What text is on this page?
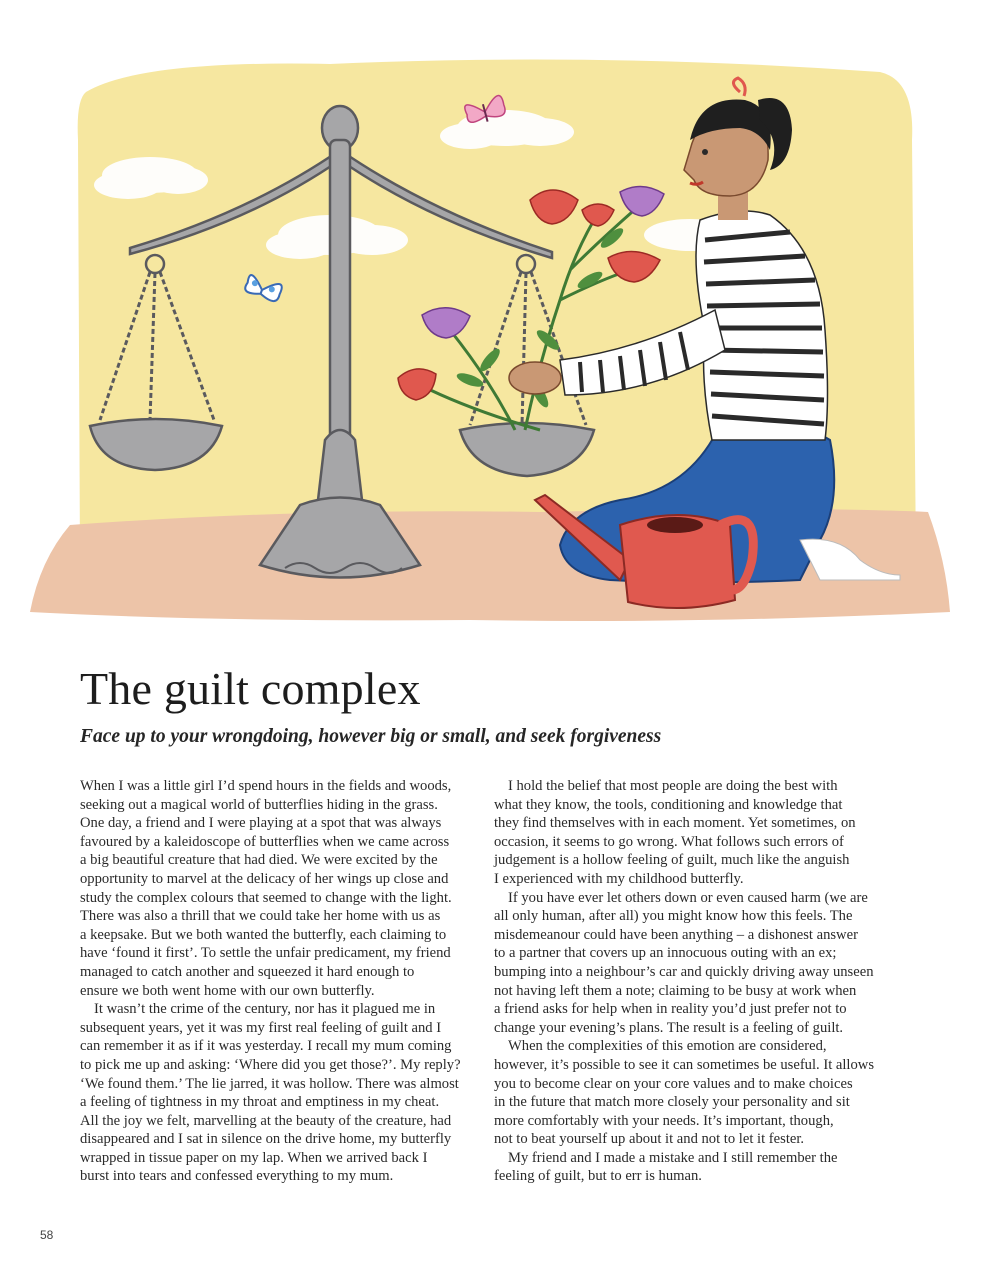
The guilt complex
Face up to your wrongdoing, however big or small, and seek forgiveness

When I was a little girl I’d spend hours in the fields and woods,
seeking out a magical world of butterflies hiding in the grass.
One day, a friend and I were playing at a spot that was always
favoured by a kaleidoscope of butterflies when we came across
a big beautiful creature that had died. We were excited by the
opportunity to marvel at the delicacy of her wings up close and
study the complex colours that seemed to change with the light.
There was also a thrill that we could take her home with us as
a keepsake. But we both wanted the butterfly, each claiming to
have ‘found it first’. To settle the unfair predicament, my friend
managed to catch another and squeezed it hard enough to
ensure we both went home with our own butterfly.

It wasn’t the crime of the century, nor has it plagued me in
subsequent years, yet it was my first real feeling of guilt and I
can remember it as if it was yesterday. I recall my mum coming
to pick me up and asking: ‘Where did you get those?’. My reply?
‘We found them.’ The lie jarred, it was hollow. There was almost
a feeling of tightness in my throat and emptiness in my cheat.
All the joy we felt, marvelling at the beauty of the creature, had
disappeared and I sat in silence on the drive home, my butterfly
wrapped in tissue paper on my lap. When we arrived back I
burst into tears and confessed everything to my mum.

I hold the belief that most people are doing the best with
what they know, the tools, conditioning and knowledge that
they find themselves with in each moment. Yet sometimes, on
occasion, it seems to go wrong. What follows such errors of
judgement is a hollow feeling of guilt, much like the anguish
I experienced with my childhood butterfly.

If you have ever let others down or even caused harm (we are
all only human, after all) you might know how this feels. The
misdemeanour could have been anything – a dishonest answer
to a partner that covers up an innocuous outing with an ex;
bumping into a neighbour’s car and quickly driving away unseen
not having left them a note; claiming to be busy at work when
a friend asks for help when in reality you’d just prefer not to
change your evening’s plans. The result is a feeling of guilt.

When the complexities of this emotion are considered,
however, it’s possible to see it can sometimes be useful. It allows
you to become clear on your core values and to make choices
in the future that match more closely your personality and sit
more comfortably with your needs. It’s important, though,
not to beat yourself up about it and not to let it fester.

My friend and I made a mistake and I still remember the
feeling of guilt, but to err is human.

58
